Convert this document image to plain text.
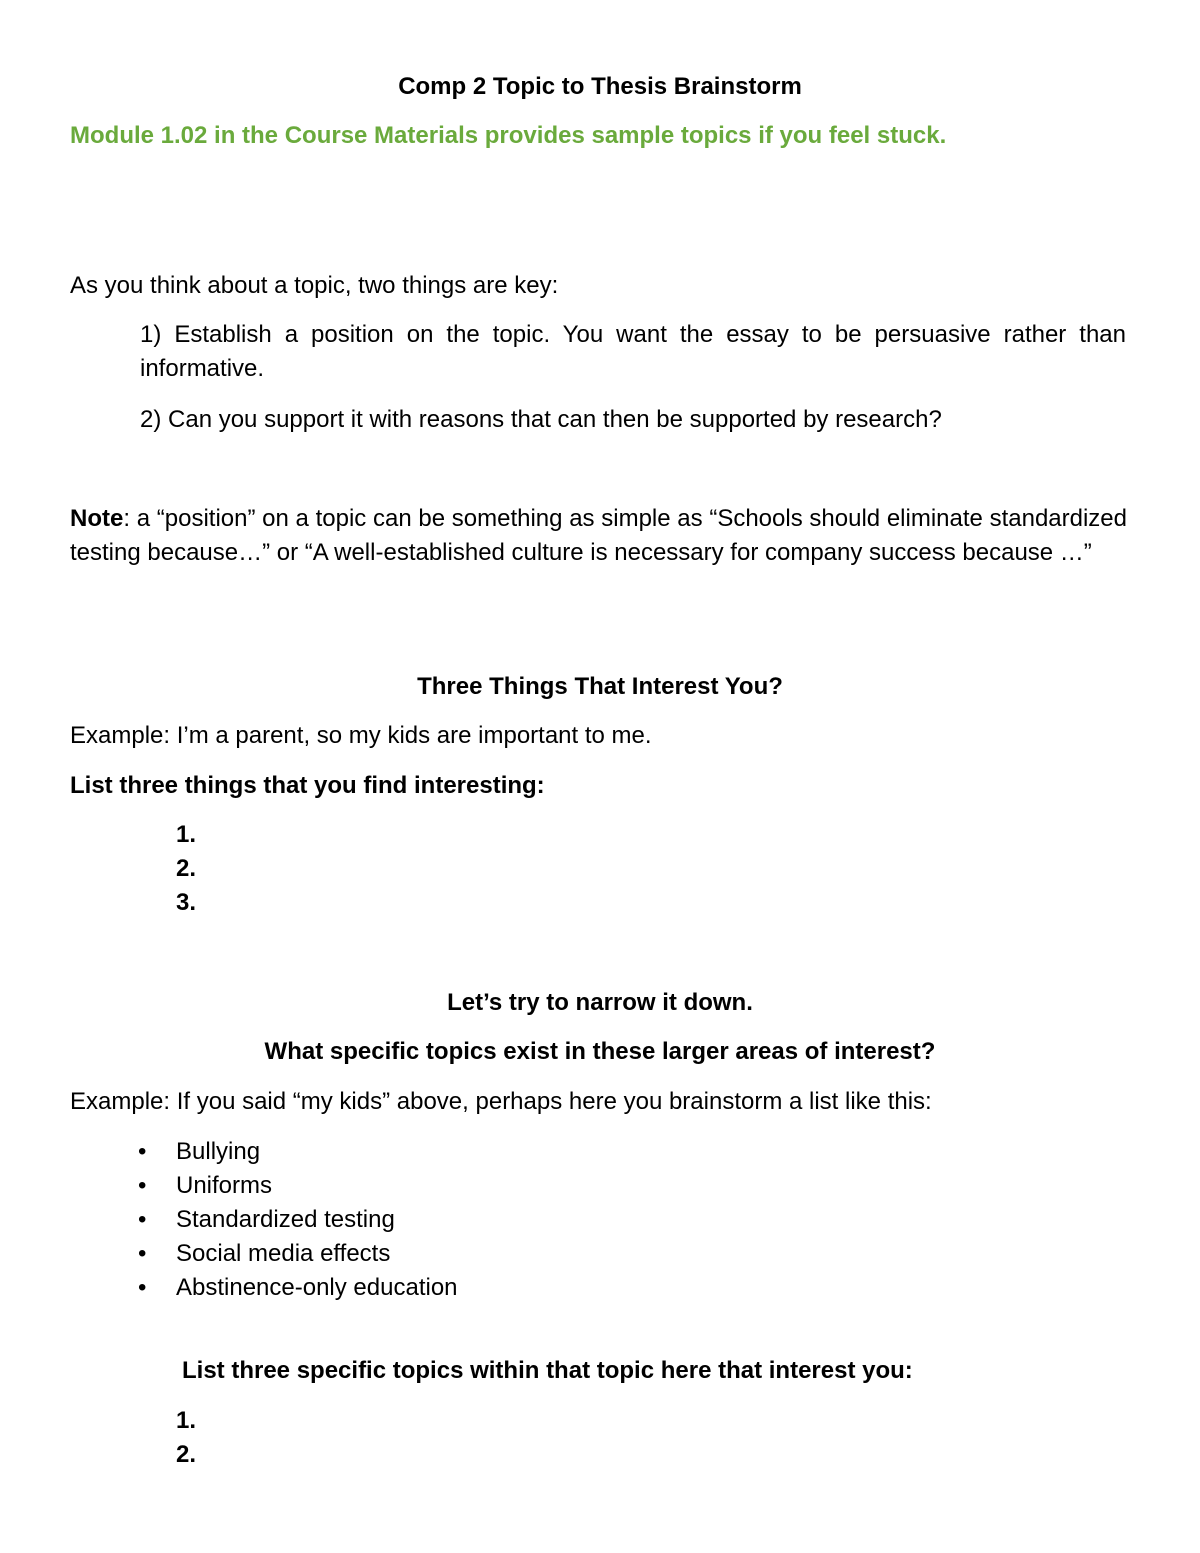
Comp 2 Topic to Thesis Brainstorm

Module 1.02 in the Course Materials provides sample topics if you feel stuck.

As you think about a topic, two things are key:

1) Establish a position on the topic. You want the essay to be persuasive rather than informative.

2) Can you support it with reasons that can then be supported by research?

Note: a “position” on a topic can be something as simple as “Schools should eliminate standardized testing because…” or “A well-established culture is necessary for company success because …”

Three Things That Interest You?

Example: I’m a parent, so my kids are important to me.

List three things that you find interesting:

1.
2.
3.
Let’s try to narrow it down.
What specific topics exist in these larger areas of interest?

Example: If you said “my kids” above, perhaps here you brainstorm a list like this:

• Bullying
• Uniforms
• Standardized testing
• Social media effects
• Abstinence-only education

List three specific topics within that topic here that interest you:

1.
2.
